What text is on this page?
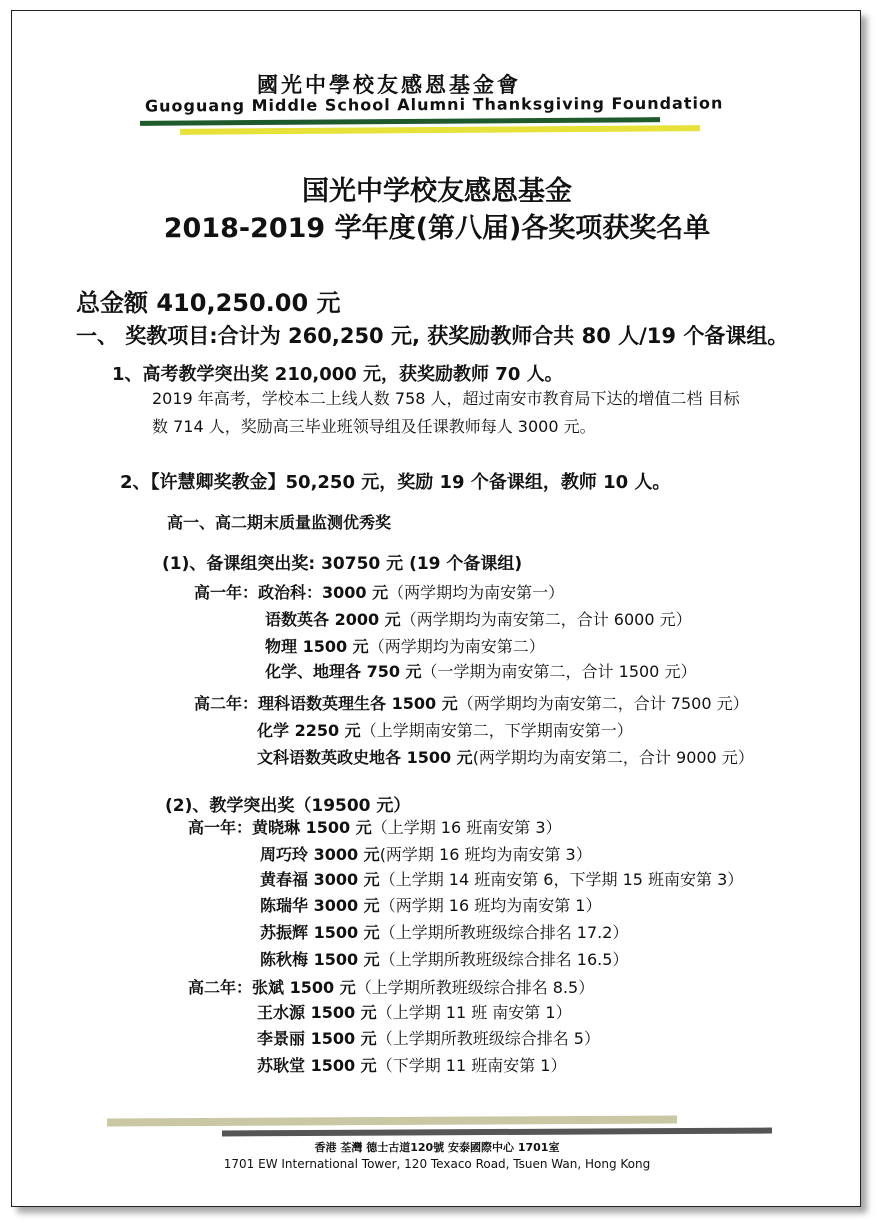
國光中學校友感恩基金會
Guoguang Middle School Alumni Thanksgiving Foundation
国光中学校友感恩基金
2018-2019 学年度(第八届)各奖项获奖名单
总金额 410,250.00 元
一、 奖教项目:合计为 260,250 元, 获奖励教师合共 80 人/19 个备课组。
1、高考教学突出奖 210,000 元，获奖励教师 70 人。
2019 年高考，学校本二上线人数 758 人，超过南安市教育局下达的增值二档 目标
数 714 人，奖励高三毕业班领导组及任课教师每人 3000 元。
2、【许慧卿奖教金】50,250 元，奖励 19 个备课组，教师 10 人。
高一、高二期末质量监测优秀奖
(1)、备课组突出奖: 30750 元 (19 个备课组)
高一年：政治科：3000 元（两学期均为南安第一）
语数英各 2000 元（两学期均为南安第二，合计 6000 元）
物理 1500 元（两学期均为南安第二）
化学、地理各 750 元（一学期为南安第二，合计 1500 元）
高二年：理科语数英理生各 1500 元（两学期均为南安第二，合计 7500 元）
化学 2250 元（上学期南安第二，下学期南安第一）
文科语数英政史地各 1500 元(两学期均为南安第二，合计 9000 元）
(2)、教学突出奖（19500 元）
高一年：黄晓琳 1500 元（上学期 16 班南安第 3）
周巧玲 3000 元(两学期 16 班均为南安第 3）
黄春福 3000 元（上学期 14 班南安第 6，下学期 15 班南安第 3）
陈瑞华 3000 元（两学期 16 班均为南安第 1）
苏振辉 1500 元（上学期所教班级综合排名 17.2）
陈秋梅 1500 元（上学期所教班级综合排名 16.5）
高二年：张斌 1500 元（上学期所教班级综合排名 8.5）
王水源 1500 元（上学期 11 班 南安第 1）
李景丽 1500 元（上学期所教班级综合排名 5）
苏耿堂 1500 元（下学期 11 班南安第 1）
香港 荃灣 德士古道120號 安泰國際中心 1701室
1701 EW International Tower, 120 Texaco Road, Tsuen Wan, Hong Kong
